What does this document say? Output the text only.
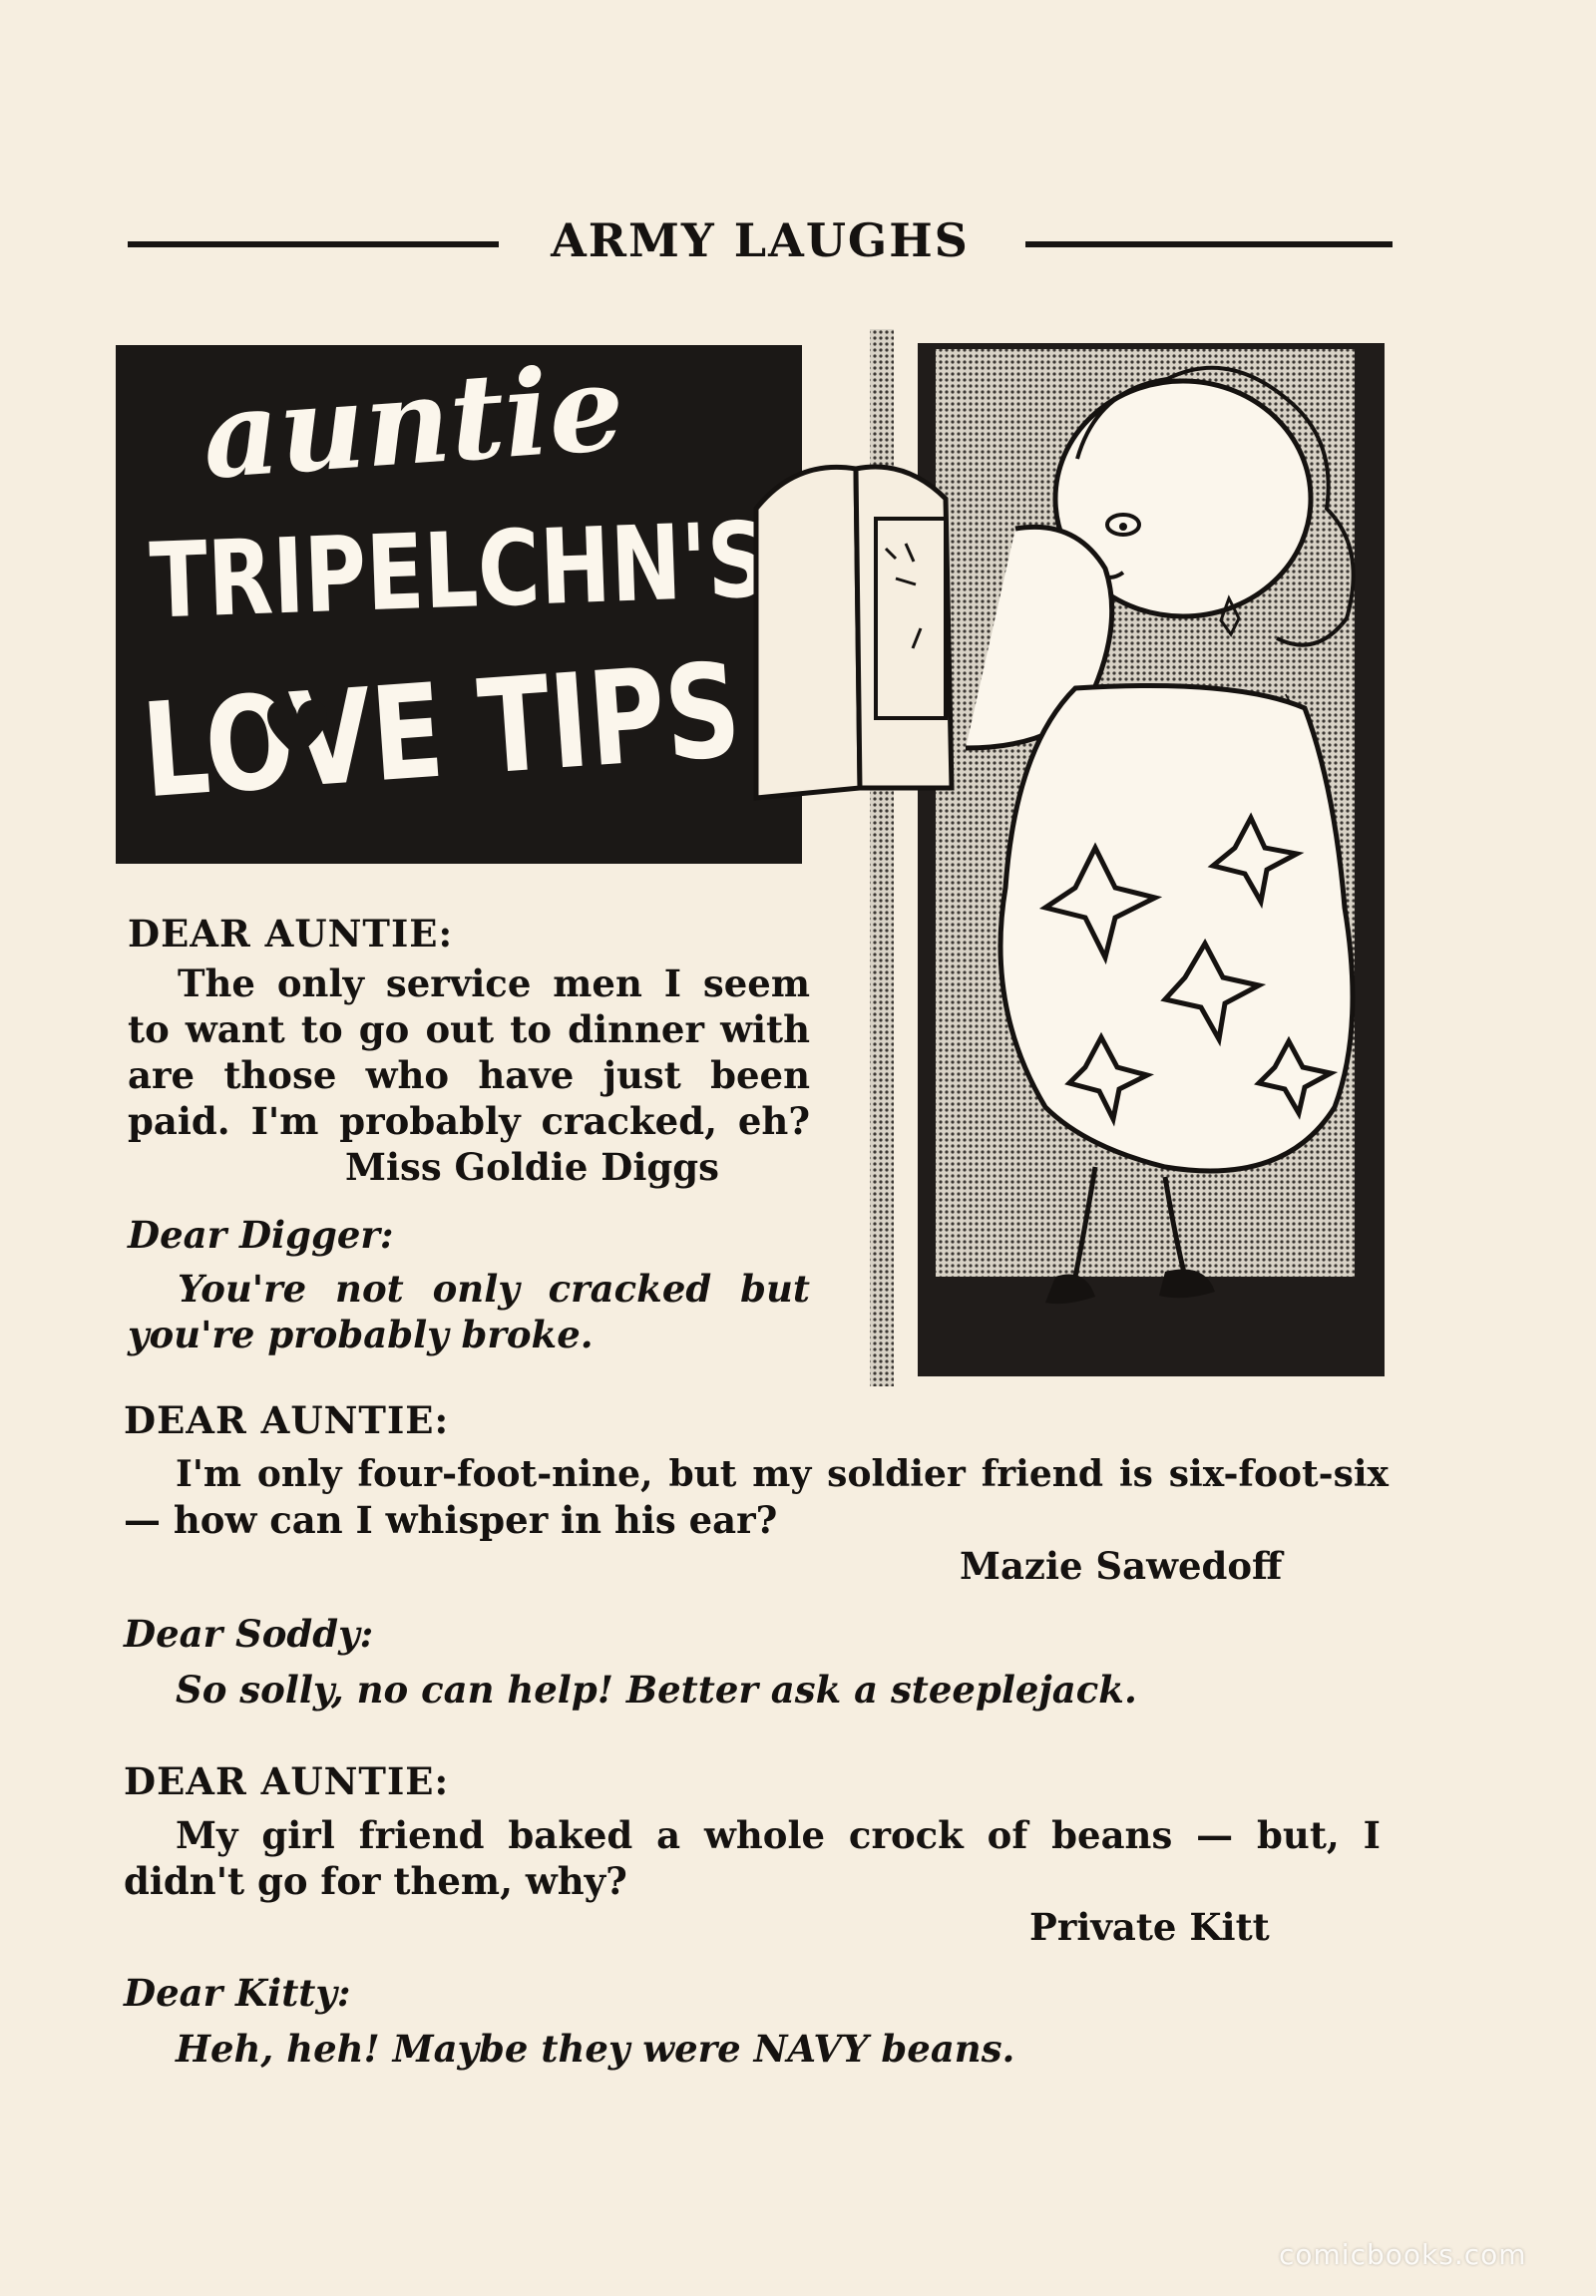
ARMY LAUGHS
auntie
TRIPELCHN'S
LOVE TIPS
DEAR AUNTIE:
The only service men I seem
to want to go out to dinner with
are those who have just been
paid. I'm probably cracked, eh?
Miss Goldie Diggs
Dear Digger:
You're not only cracked but
you're probably broke.
DEAR AUNTIE:
I'm only four-foot-nine, but my soldier friend is six-foot-six
— how can I whisper in his ear?
Mazie Sawedoff
Dear Soddy:
So solly, no can help! Better ask a steeplejack.
DEAR AUNTIE:
My girl friend baked a whole crock of beans — but, I
didn't go for them, why?
Private Kitt
Dear Kitty:
Heh, heh! Maybe they were NAVY beans.
comicbooks.com
